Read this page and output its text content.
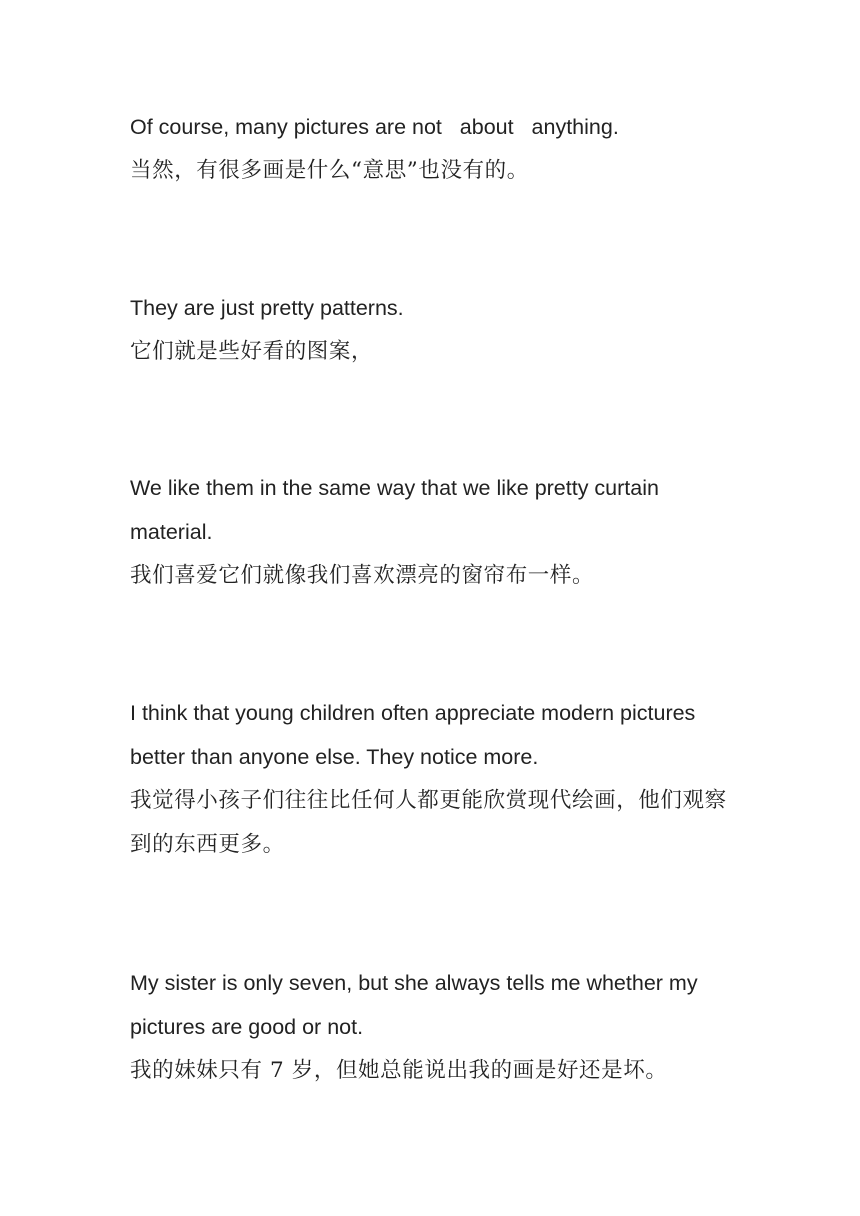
Of course, many pictures are not   about   anything.

当然，有很多画是什么“意思”也没有的。

They are just pretty patterns.

它们就是些好看的图案，

We like them in the same way that we like pretty curtain material.

我们喜爱它们就像我们喜欢漂亮的窗帘布一样。

I think that young children often appreciate modern pictures better than anyone else. They notice more.

我觉得小孩子们往往比任何人都更能欣赏现代绘画，他们观察到的东西更多。

My sister is only seven, but she always tells me whether my pictures are good or not.

我的妹妹只有 7 岁，但她总能说出我的画是好还是坏。
